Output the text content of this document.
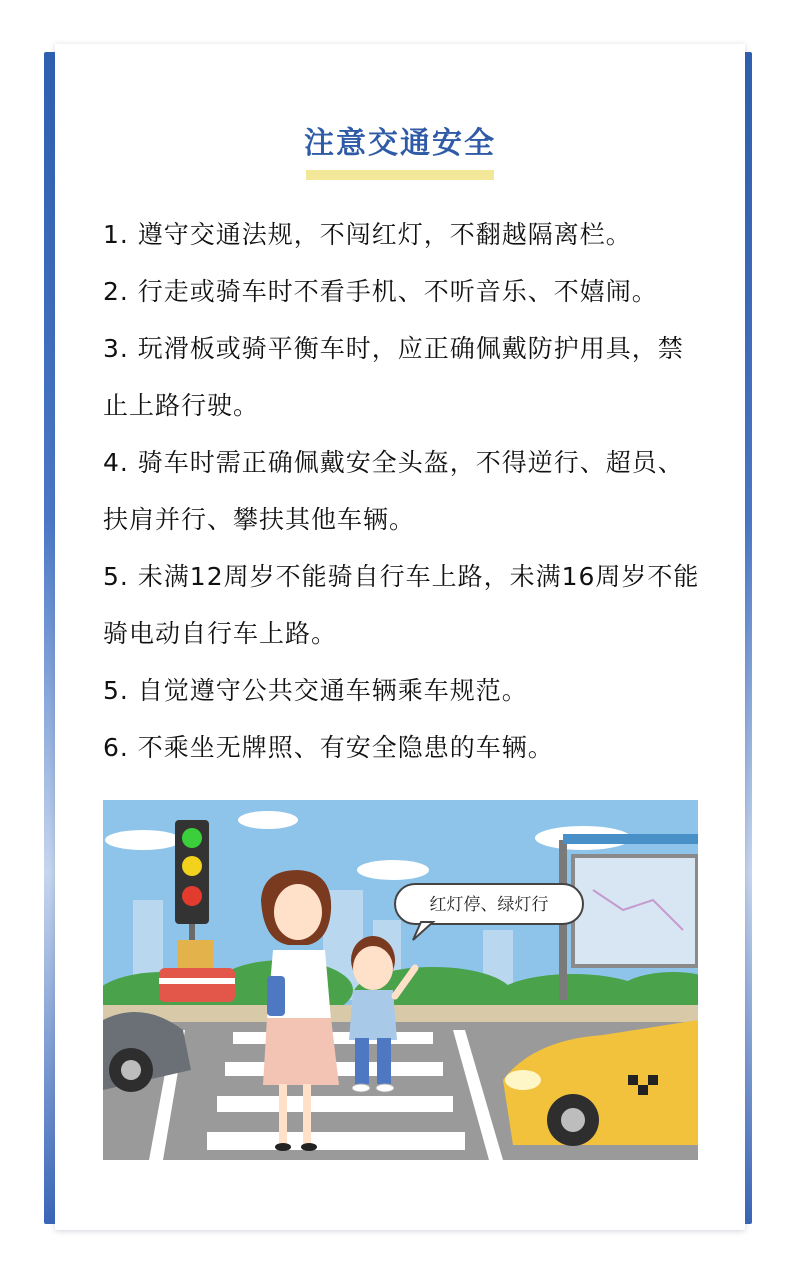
注意交通安全
1. 遵守交通法规，不闯红灯，不翻越隔离栏。
2. 行走或骑车时不看手机、不听音乐、不嬉闹。
3. 玩滑板或骑平衡车时，应正确佩戴防护用具，禁止上路行驶。
4. 骑车时需正确佩戴安全头盔，不得逆行、超员、扶肩并行、攀扶其他车辆。
5. 未满12周岁不能骑自行车上路，未满16周岁不能骑电动自行车上路。
5. 自觉遵守公共交通车辆乘车规范。
6. 不乘坐无牌照、有安全隐患的车辆。
红灯停、绿灯行
